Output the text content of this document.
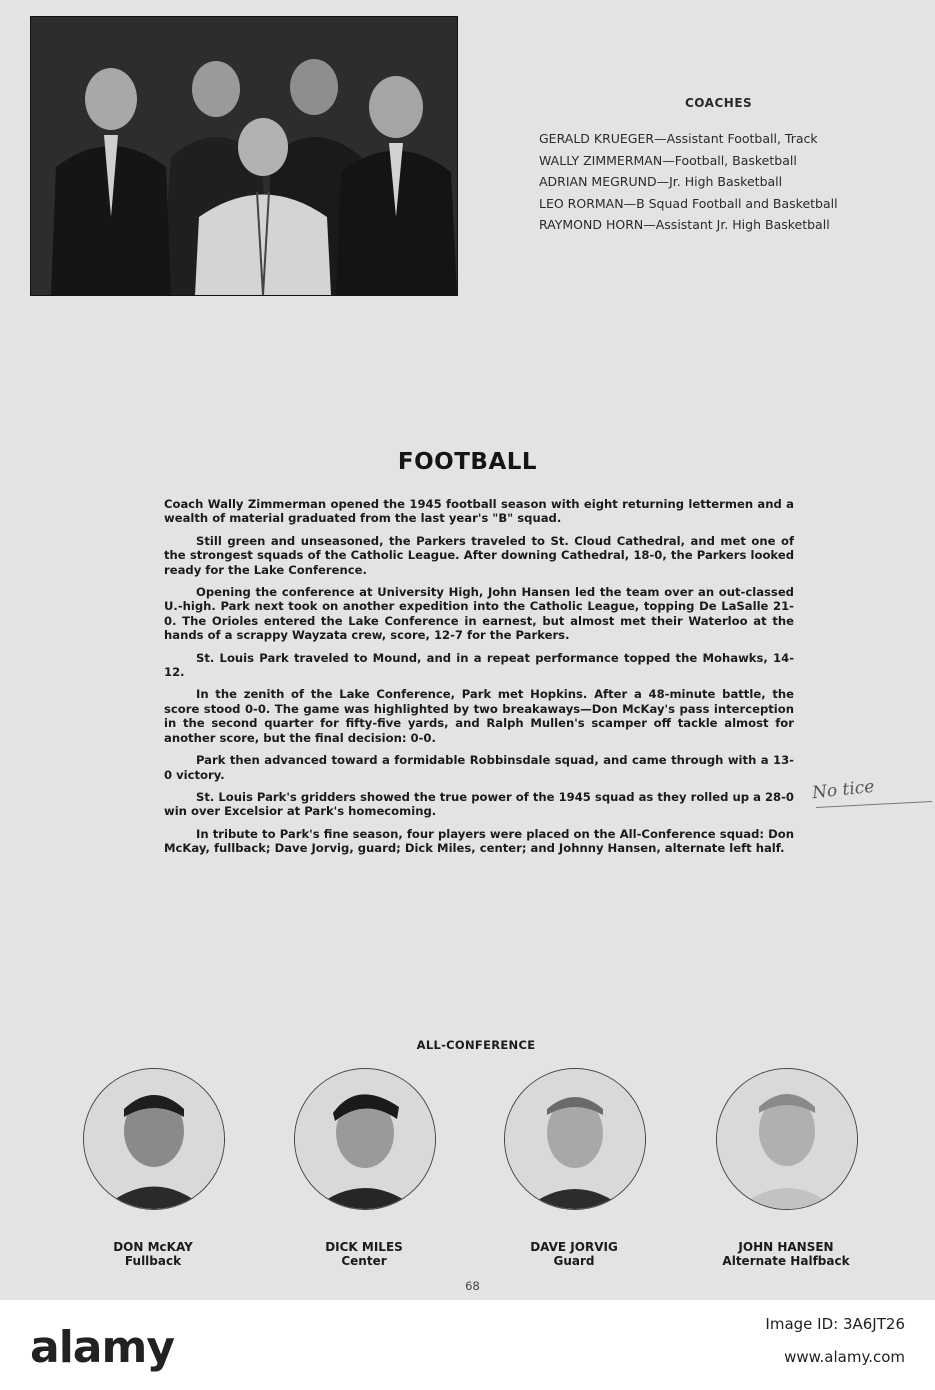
COACHES
GERALD KRUEGER—Assistant Football, Track
WALLY ZIMMERMAN—Football, Basketball
ADRIAN MEGRUND—Jr. High Basketball
LEO RORMAN—B Squad Football and Basketball
RAYMOND HORN—Assistant Jr. High Basketball
FOOTBALL

Coach Wally Zimmerman opened the 1945 football season with eight returning lettermen and a wealth of material graduated from the last year's "B" squad.

Still green and unseasoned, the Parkers traveled to St. Cloud Cathedral, and met one of the strongest squads of the Catholic League. After downing Cathedral, 18-0, the Parkers looked ready for the Lake Conference.

Opening the conference at University High, John Hansen led the team over an out-classed U.-high. Park next took on another expedition into the Catholic League, topping De LaSalle 21-0. The Orioles entered the Lake Conference in earnest, but almost met their Waterloo at the hands of a scrappy Wayzata crew, score, 12-7 for the Parkers.

St. Louis Park traveled to Mound, and in a repeat performance topped the Mohawks, 14-12.

In the zenith of the Lake Conference, Park met Hopkins. After a 48-minute battle, the score stood 0-0. The game was highlighted by two breakaways—Don McKay's pass interception in the second quarter for fifty-five yards, and Ralph Mullen's scamper off tackle almost for another score, but the final decision: 0-0.

Park then advanced toward a formidable Robbinsdale squad, and came through with a 13-0 victory.

St. Louis Park's gridders showed the true power of the 1945 squad as they rolled up a 28-0 win over Excelsior at Park's homecoming.

In tribute to Park's fine season, four players were placed on the All-Conference squad: Don McKay, fullback; Dave Jorvig, guard; Dick Miles, center; and Johnny Hansen, alternate left half.

No tice
ALL-CONFERENCE
DON McKAY
Fullback
DICK MILES
Center
DAVE JORVIG
Guard
JOHN HANSEN
Alternate Halfback
68
alamy	Image ID: 3A6JT26
www.alamy.com
